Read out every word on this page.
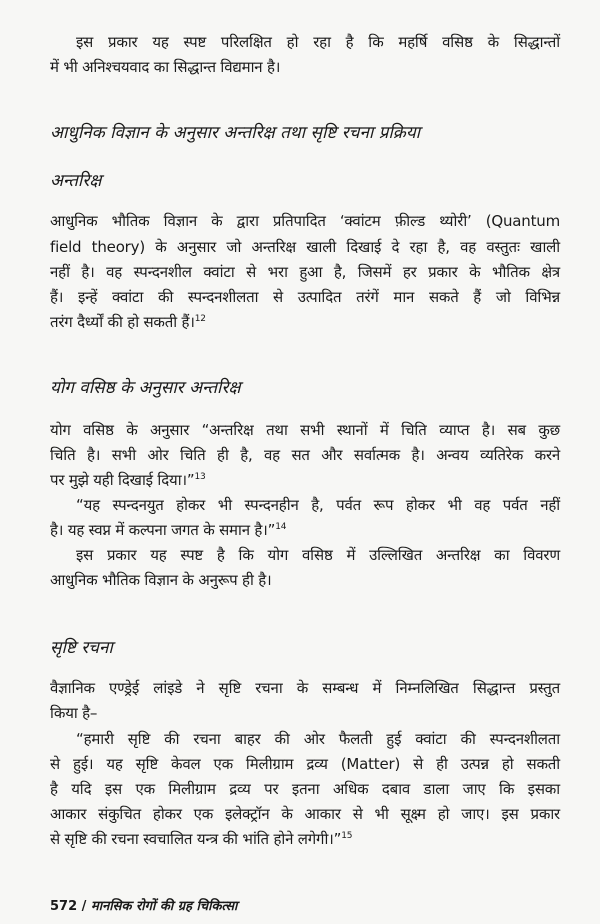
इस प्रकार यह स्पष्ट परिलक्षित हो रहा है कि महर्षि वसिष्ठ के सिद्धान्तों
में भी अनिश्चयवाद का सिद्धान्त विद्यमान है।
आधुनिक विज्ञान के अनुसार अन्तरिक्ष तथा सृष्टि रचना प्रक्रिया
अन्तरिक्ष
आधुनिक भौतिक विज्ञान के द्वारा प्रतिपादित ‘क्वांटम फ़ील्ड थ्योरी’ (Quantum
field theory) के अनुसार जो अन्तरिक्ष खाली दिखाई दे रहा है, वह वस्तुतः खाली
नहीं है। वह स्पन्दनशील क्वांटा से भरा हुआ है, जिसमें हर प्रकार के भौतिक क्षेत्र
हैं। इन्हें क्वांटा की स्पन्दनशीलता से उत्पादित तरंगें मान सकते हैं जो विभिन्न
तरंग दैर्ध्यों की हो सकती हैं।$^{12}$
योग वसिष्ठ के अनुसार अन्तरिक्ष
योग वसिष्ठ के अनुसार “अन्तरिक्ष तथा सभी स्थानों में चिति व्याप्त है। सब कुछ
चिति है। सभी ओर चिति ही है, वह सत और सर्वात्मक है। अन्वय व्यतिरेक करने
पर मुझे यही दिखाई दिया।”$^{13}$
“यह स्पन्दनयुत होकर भी स्पन्दनहीन है, पर्वत रूप होकर भी वह पर्वत नहीं
है। यह स्वप्न में कल्पना जगत के समान है।”$^{14}$
इस प्रकार यह स्पष्ट है कि योग वसिष्ठ में उल्लिखित अन्तरिक्ष का विवरण
आधुनिक भौतिक विज्ञान के अनुरूप ही है।
सृष्टि रचना
वैज्ञानिक एण्ड्रेई लांइडे ने सृष्टि रचना के सम्बन्ध में निम्नलिखित सिद्धान्त प्रस्तुत
किया है–
“हमारी सृष्टि की रचना बाहर की ओर फैलती हुई क्वांटा की स्पन्दनशीलता
से हुई। यह सृष्टि केवल एक मिलीग्राम द्रव्य (Matter) से ही उत्पन्न हो सकती
है यदि इस एक मिलीग्राम द्रव्य पर इतना अधिक दबाव डाला जाए कि इसका
आकार संकुचित होकर एक इलेक्ट्रॉन के आकार से भी सूक्ष्म हो जाए। इस प्रकार
से सृष्टि की रचना स्वचालित यन्त्र की भांति होने लगेगी।”$^{15}$
572 / मानसिक रोगों की ग्रह चिकित्सा
